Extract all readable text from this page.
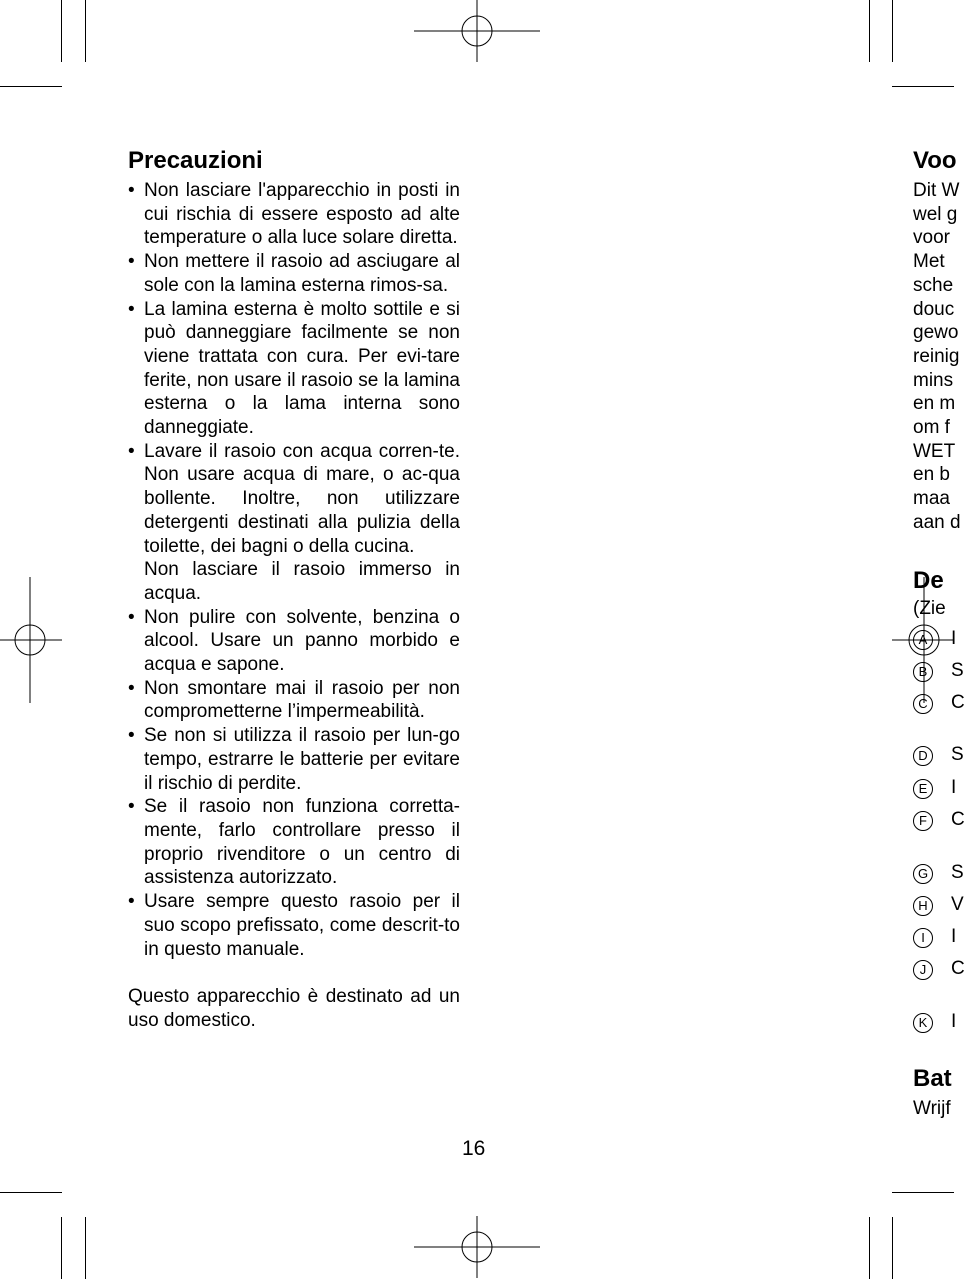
Precauzioni
• Non lasciare l'apparecchio in posti in cui rischia di essere esposto ad alte temperature o alla luce solare diretta.
• Non mettere il rasoio ad asciugare al sole con la lamina esterna rimos-sa.
• La lamina esterna è molto sottile e si può danneggiare facilmente se non viene trattata con cura. Per evi-tare ferite, non usare il rasoio se la lamina esterna o la lama interna sono danneggiate.
• Lavare il rasoio con acqua corren-te. Non usare acqua di mare, o ac-qua bollente. Inoltre, non utilizzare detergenti destinati alla pulizia della toilette, dei bagni o della cucina.
Non lasciare il rasoio immerso in acqua.
• Non pulire con solvente, benzina o alcool. Usare un panno morbido e acqua e sapone.
• Non smontare mai il rasoio per non comprometterne l’impermeabilità.
• Se non si utilizza il rasoio per lun-go tempo, estrarre le batterie per evitare il rischio di perdite.
• Se il rasoio non funziona corretta-mente, farlo controllare presso il proprio rivenditore o un centro di assistenza autorizzato.
• Usare sempre questo rasoio per il suo scopo prefissato, come descrit-to in questo manuale.
Questo apparecchio è destinato ad un uso domestico.
16
Voo
Dit W
wel g
voor
Met
sche
douc
gewo
reinig
mins
en m
om f
WET
en b
maa
aan d
De
(Zie
A I
B S
C C
D S
E I
F C
G S
H V
I I
J C
K I
Bat
Wrijf
